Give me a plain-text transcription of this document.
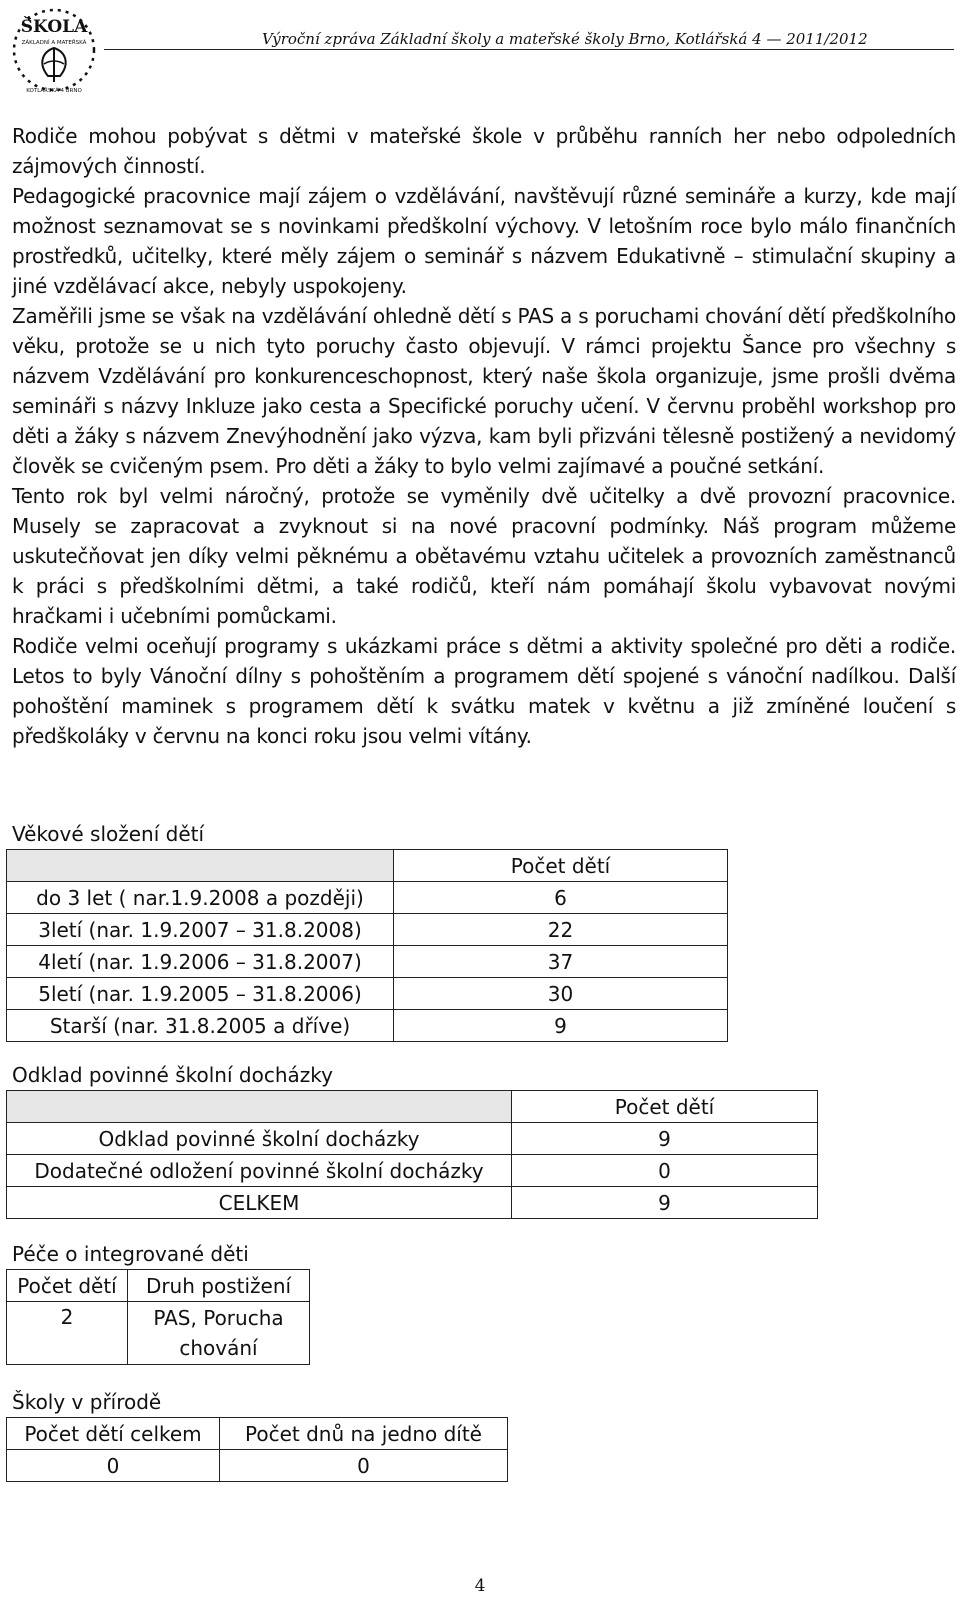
ŠKOLA
ZÁKLADNÍ A MATEŘSKÁ
KOTLÁŘSKÁ 4 BRNO
Výroční zpráva Základní školy a mateřské školy Brno, Kotlářská 4 — 2011/2012

Rodiče mohou pobývat s dětmi v mateřské škole v průběhu ranních her nebo odpoledních zájmových činností.

Pedagogické pracovnice mají zájem o vzdělávání, navštěvují různé semináře a kurzy, kde mají možnost seznamovat se s novinkami předškolní výchovy. V letošním roce bylo málo finančních prostředků, učitelky, které měly zájem o seminář s názvem Edukativně – stimulační skupiny a jiné vzdělávací akce, nebyly uspokojeny.

Zaměřili jsme se však na vzdělávání ohledně dětí s PAS a s poruchami chování dětí předškolního věku, protože se u nich tyto poruchy často objevují. V rámci projektu Šance pro všechny s názvem Vzdělávání pro konkurenceschopnost, který naše škola organizuje, jsme prošli dvěma semináři s názvy Inkluze jako cesta a Specifické poruchy učení. V červnu proběhl workshop pro děti a žáky s názvem Znevýhodnění jako výzva, kam byli přizváni tělesně postižený a nevidomý člověk se cvičeným psem. Pro děti a žáky to bylo velmi zajímavé a poučné setkání.

Tento rok byl velmi náročný, protože se vyměnily dvě učitelky a dvě provozní pracovnice. Musely se zapracovat a zvyknout si na nové pracovní podmínky. Náš program můžeme uskutečňovat jen díky velmi pěknému a obětavému vztahu učitelek a provozních zaměstnanců k práci s předškolními dětmi, a také rodičů, kteří nám pomáhají školu vybavovat novými hračkami i učebními pomůckami.

Rodiče velmi oceňují programy s ukázkami práce s dětmi a aktivity společné pro děti a rodiče. Letos to byly Vánoční dílny s pohoštěním a programem dětí spojené s vánoční nadílkou. Další pohoštění maminek s programem dětí k svátku matek v květnu a již zmíněné loučení s předškoláky v červnu na konci roku jsou velmi vítány.

Věkové složení dětí
	Počet dětí
do 3 let ( nar.1.9.2008 a později)	6
3letí (nar. 1.9.2007 – 31.8.2008)	22
4letí (nar. 1.9.2006 – 31.8.2007)	37
5letí (nar. 1.9.2005 – 31.8.2006)	30
Starší (nar. 31.8.2005 a dříve)	9
Odklad povinné školní docházky
	Počet dětí
Odklad povinné školní docházky	9
Dodatečné odložení povinné školní docházky	0
CELKEM	9
Péče o integrované děti
Počet dětí	Druh postižení
2	PAS, Porucha
chování
Školy v přírodě
Počet dětí celkem	Počet dnů na jedno dítě
0	0
4
